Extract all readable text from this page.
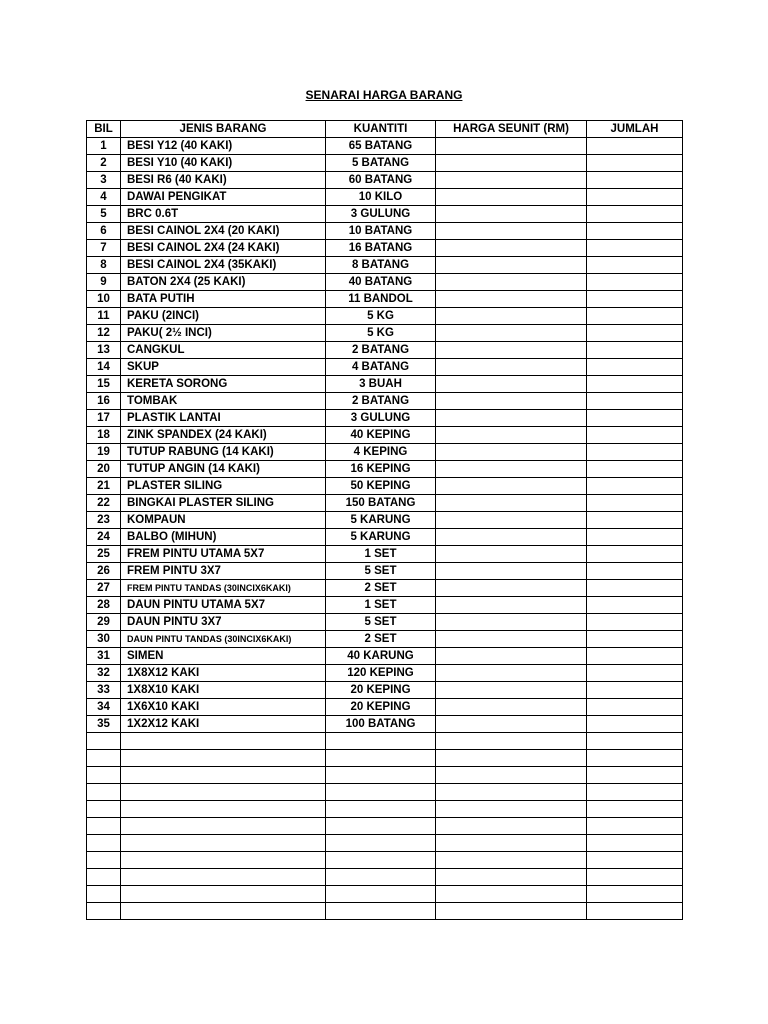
SENARAI HARGA BARANG
BIL	JENIS BARANG	KUANTITI	HARGA SEUNIT (RM)	JUMLAH
1	BESI Y12 (40 KAKI)	65 BATANG		
2	BESI Y10 (40 KAKI)	5 BATANG		
3	BESI R6 (40 KAKI)	60 BATANG		
4	DAWAI PENGIKAT	10 KILO		
5	BRC 0.6T	3 GULUNG		
6	BESI CAINOL 2X4 (20 KAKI)	10 BATANG		
7	BESI CAINOL 2X4 (24 KAKI)	16 BATANG		
8	BESI CAINOL 2X4 (35KAKI)	8 BATANG		
9	BATON 2X4 (25 KAKI)	40 BATANG		
10	BATA PUTIH	11 BANDOL		
11	PAKU (2INCI)	5 KG		
12	PAKU( 2½ INCI)	5 KG		
13	CANGKUL	2 BATANG		
14	SKUP	4 BATANG		
15	KERETA SORONG	3 BUAH		
16	TOMBAK	2 BATANG		
17	PLASTIK LANTAI	3 GULUNG		
18	ZINK SPANDEX (24 KAKI)	40 KEPING		
19	TUTUP RABUNG (14 KAKI)	4 KEPING		
20	TUTUP ANGIN (14 KAKI)	16 KEPING		
21	PLASTER SILING	50 KEPING		
22	BINGKAI PLASTER SILING	150 BATANG		
23	KOMPAUN	5 KARUNG		
24	BALBO (MIHUN)	5 KARUNG		
25	FREM PINTU UTAMA 5X7	1 SET		
26	FREM PINTU 3X7	5 SET		
27	FREM PINTU TANDAS (30INCIX6KAKI)	2 SET		
28	DAUN PINTU UTAMA 5X7	1 SET		
29	DAUN PINTU 3X7	5 SET		
30	DAUN PINTU TANDAS (30INCIX6KAKI)	2 SET		
31	SIMEN	40 KARUNG		
32	1X8X12 KAKI	120 KEPING		
33	1X8X10 KAKI	20 KEPING		
34	1X6X10 KAKI	20 KEPING		
35	1X2X12 KAKI	100 BATANG		
